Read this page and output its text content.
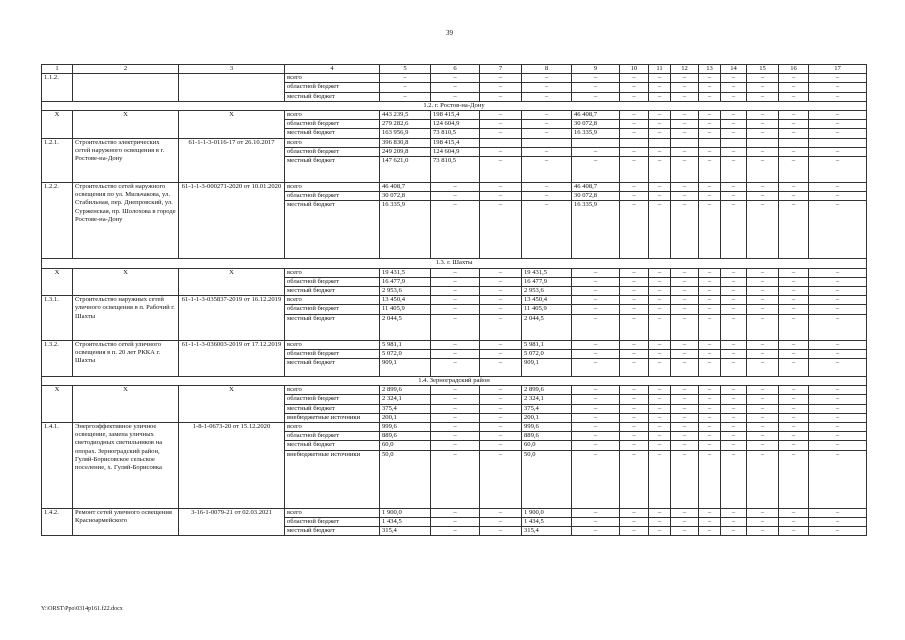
39
1	2	3	4	5	6	7	8	9	10	11	12	13	14	15	16	17
1.1.2.			всего	–	–	–	–	–	–	–	–	–	–	–	–	–
			областной бюджет	–	–	–	–	–	–	–	–	–	–	–	–	–
			местный бюджет	–	–	–	–	–	–	–	–	–	–	–	–	–
1.2. г. Ростов-на-Дону																
X	X	X	всего	443 239,5	198 415,4	–	–	46 408,7	–	–	–	–	–	–	–	–
			областной бюджет	279 282,6	124 604,9	–	–	30 072,8	–	–	–	–	–	–	–	–
			местный бюджет	163 956,9	73 810,5	–	–	16 335,9	–	–	–	–	–	–	–	–
1.2.1.	Строительство электрических сетей наружного освещения в г. Ростове-на-Дону	61-1-1-3-0116-17 от 26.10.2017	всего	396 830,8	198 415,4											
			областной бюджет	249 209,8	124 604,9	–	–	–	–	–	–	–	–	–	–	–
			местный бюджет	147 621,0	73 810,5	–	–	–	–	–	–	–	–	–	–	–
1.2.2.	Строительство сетей наружного освещения по ул. Мильчакова, ул. Стабильная, пер. Днепровский, ул. Сурженская, пр. Шолохова в городе Ростове-на-Дону	61-1-1-3-000271-2020 от 10.01.2020	всего	46 408,7	–	–	–	46 408,7	–	–	–	–	–	–	–	–
			областной бюджет	30 072,8	–	–	–	30 072,8	–	–	–	–	–	–	–	–
			местный бюджет	16 335,9	–	–	–	16 335,9	–	–	–	–	–	–	–	–
1.3. г. Шахты																
X	X	X	всего	19 431,5	–	–	19 431,5	–	–	–	–	–	–	–	–	–
			областной бюджет	16 477,9	–	–	16 477,9	–	–	–	–	–	–	–	–	–
			местный бюджет	2 953,6	–	–	2 953,6	–	–	–	–	–	–	–	–	–
1.3.1.	Строительство наружных сетей уличного освещения в п. Рабочий г. Шахты	61-1-1-3-035837-2019 от 16.12.2019	всего	13 450,4	–	–	13 450,4	–	–	–	–	–	–	–	–	–
			областной бюджет	11 405,9	–	–	11 405,9	–	–	–	–	–	–	–	–	–
			местный бюджет	2 044,5	–	–	2 044,5	–	–	–	–	–	–	–	–	–
1.3.2.	Строительство сетей уличного освещения в п. 20 лет РККА г. Шахты	61-1-1-3-036003-2019 от 17.12.2019	всего	5 981,1	–	–	5 981,1	–	–	–	–	–	–	–	–	–
			областной бюджет	5 072,0	–	–	5 072,0	–	–	–	–	–	–	–	–	–
			местный бюджет	909,1	–	–	909,1	–	–	–	–	–	–	–	–	–
1.4. Зерноградский район																
X	X	X	всего	2 899,6	–	–	2 899,6	–	–	–	–	–	–	–	–	–
			областной бюджет	2 324,1	–	–	2 324,1	–	–	–	–	–	–	–	–	–
			местный бюджет	375,4	–	–	375,4	–	–	–	–	–	–	–	–	–
			внебюджетные источники	200,1	–	–	200,1	–	–	–	–	–	–	–	–	–
1.4.1.	Энергоэффективное уличное освещение, замена уличных светодиодных светильников на опорах. Зерноградский район, Гуляй-Борисовское сельское поселение, х. Гуляй-Борисовка	1-8-1-0673-20 от 15.12.2020	всего	999,6	–	–	999,6	–	–	–	–	–	–	–	–	–
			областной бюджет	889,6	–	–	889,6	–	–	–	–	–	–	–	–	–
			местный бюджет	60,0	–	–	60,0	–	–	–	–	–	–	–	–	–
			внебюджетные источники	50,0	–	–	50,0	–	–	–	–	–	–	–	–	–
1.4.2.	Ремонт сетей уличного освещения Красноармейского	3-16-1-0079-21 от 02.03.2021	всего	1 900,0	–	–	1 900,0	–	–	–	–	–	–	–	–	–
			областной бюджет	1 434,5	–	–	1 434,5	–	–	–	–	–	–	–	–	–
			местный бюджет	315,4	–	–	315,4	–	–	–	–	–	–	–	–	–
Y:\ORST\Ppo\0314p161.f22.docx
